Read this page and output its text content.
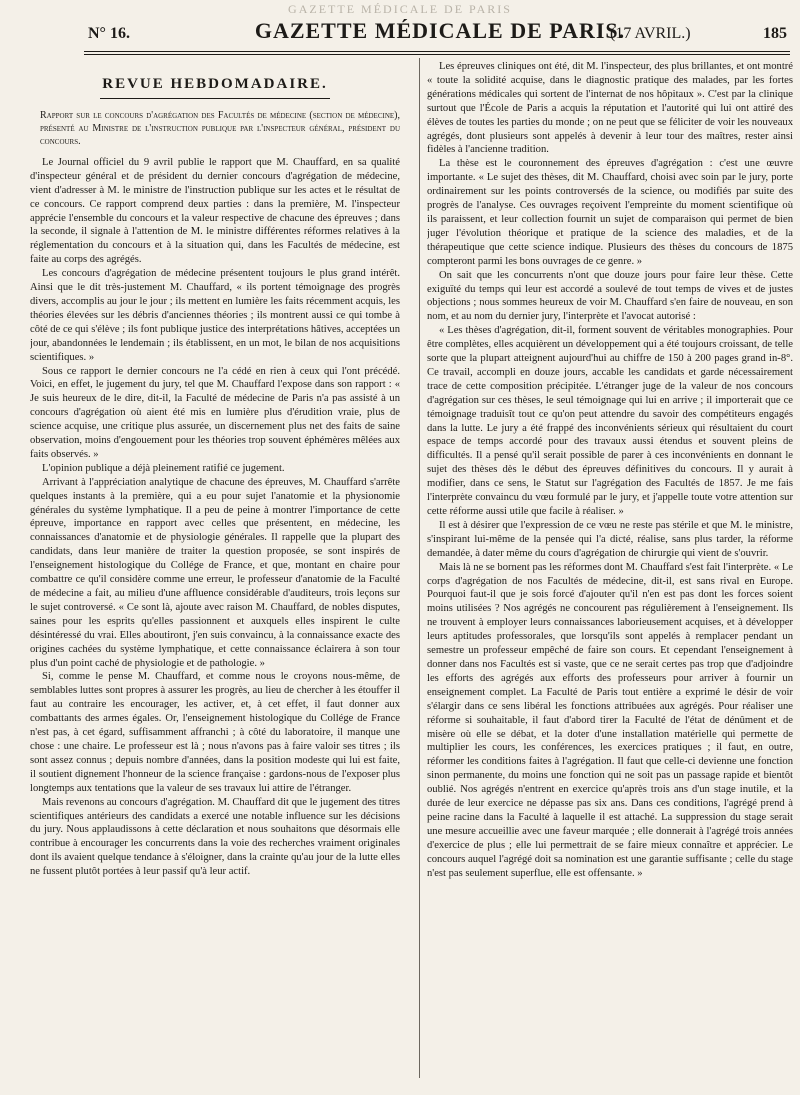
GAZETTE MÉDICALE DE PARIS
N° 16.	GAZETTE MÉDICALE DE PARIS.
(17 AVRIL.)	185
REVUE HEBDOMADAIRE.
Rapport sur le concours d'agrégation des Facultés de médecine (section de médecine), présenté au Ministre de l'instruction publique par l'inspecteur général, président du concours.

Le Journal officiel du 9 avril publie le rapport que M. Chauffard, en sa qualité d'inspecteur général et de président du dernier concours d'agrégation de médecine, vient d'adresser à M. le ministre de l'instruction publique sur les actes et le résultat de ce concours. Ce rapport comprend deux parties : dans la première, M. l'inspecteur apprécie l'ensemble du concours et la valeur respective de chacune des épreuves ; dans la seconde, il signale à l'attention de M. le ministre différentes réformes relatives à la réglementation du concours et à la situation qui, dans les Facultés de médecine, est faite au corps des agrégés.

Les concours d'agrégation de médecine présentent toujours le plus grand intérêt. Ainsi que le dit très-justement M. Chauffard, « ils portent témoignage des progrès divers, accomplis au jour le jour ; ils mettent en lumière les faits récemment acquis, les théories élevées sur les débris d'anciennes théories ; ils montrent aussi ce qui tombe à côté de ce qui s'élève ; ils font publique justice des interprétations hâtives, acceptées un jour, abandonnées le lendemain ; ils établissent, en un mot, le bilan de nos acquisitions scientifiques. »

Sous ce rapport le dernier concours ne l'a cédé en rien à ceux qui l'ont précédé. Voici, en effet, le jugement du jury, tel que M. Chauffard l'expose dans son rapport : « Je suis heureux de le dire, dit-il, la Faculté de médecine de Paris n'a pas assisté à un concours d'agrégation où aient été mis en lumière plus d'érudition vraie, plus de science acquise, une critique plus assurée, un discernement plus net des faits de saine observation, moins d'engouement pour les théories trop souvent éphémères mêlées aux faits observés. »

L'opinion publique a déjà pleinement ratifié ce jugement.

Arrivant à l'appréciation analytique de chacune des épreuves, M. Chauffard s'arrête quelques instants à la première, qui a eu pour sujet l'anatomie et la physionomie générales du système lymphatique. Il a peu de peine à montrer l'importance de cette épreuve, importance en rapport avec celles que présentent, en médecine, les connaissances d'anatomie et de physiologie générales. Il rappelle que la plupart des candidats, dans leur manière de traiter la question proposée, se sont inspirés de l'enseignement histologique du Collége de France, et que, montant en chaire pour combattre ce qu'il considère comme une erreur, le professeur d'anatomie de la Faculté de médecine a fait, au milieu d'une affluence considérable d'auditeurs, trois leçons sur le sujet controversé. « Ce sont là, ajoute avec raison M. Chauffard, de nobles disputes, saines pour les esprits qu'elles passionnent et auxquels elles inspirent le culte désintéressé du vrai. Elles aboutiront, j'en suis convaincu, à la connaissance exacte des origines cachées du système lymphatique, et cette connaissance éclairera à son tour plus d'un point caché de physiologie et de pathologie. »

Si, comme le pense M. Chauffard, et comme nous le croyons nous-même, de semblables luttes sont propres à assurer les progrès, au lieu de chercher à les étouffer il faut au contraire les encourager, les activer, et, à cet effet, il faut donner aux combattants des armes égales. Or, l'enseignement histologique du Collége de France n'est pas, à cet égard, suffisamment affranchi ; à côté du laboratoire, il manque une chose : une chaire. Le professeur est là ; nous n'avons pas à faire valoir ses titres ; ils sont assez connus ; depuis nombre d'années, dans la position modeste qui lui est faite, il soutient dignement l'honneur de la science française : gardons-nous de l'exposer plus longtemps aux tentations que la valeur de ses travaux lui attire de l'étranger.

Mais revenons au concours d'agrégation. M. Chauffard dit que le jugement des titres scientifiques antérieurs des candidats a exercé une notable influence sur les décisions du jury. Nous applaudissons à cette déclaration et nous souhaitons que désormais elle contribue à encourager les concurrents dans la voie des recherches vraiment originales dont ils avaient quelque tendance à s'éloigner, dans la crainte qu'au jour de la lutte elles ne fussent plutôt portées à leur passif qu'à leur actif.

Les épreuves cliniques ont été, dit M. l'inspecteur, des plus brillantes, et ont montré « toute la solidité acquise, dans le diagnostic pratique des malades, par les fortes générations médicales qui sortent de l'internat de nos hôpitaux ». C'est par la clinique surtout que l'École de Paris a acquis la réputation et l'autorité qui lui ont attiré des élèves de toutes les parties du monde ; on ne peut que se féliciter de voir les nouveaux agrégés, dont plusieurs sont appelés à devenir à leur tour des maîtres, rester ainsi fidèles à l'ancienne tradition.

La thèse est le couronnement des épreuves d'agrégation : c'est une œuvre importante. « Le sujet des thèses, dit M. Chauffard, choisi avec soin par le jury, porte ordinairement sur les points controversés de la science, ou modifiés par suite des progrès de l'analyse. Ces ouvrages reçoivent l'empreinte du moment scientifique où ils paraissent, et leur collection fournit un sujet de comparaison qui permet de bien juger l'évolution théorique et pratique de la science des maladies, et de la thérapeutique que cette science indique. Plusieurs des thèses du concours de 1875 compteront parmi les bons ouvrages de ce genre. »

On sait que les concurrents n'ont que douze jours pour faire leur thèse. Cette exiguïté du temps qui leur est accordé a soulevé de tout temps de vives et de justes objections ; nous sommes heureux de voir M. Chauffard s'en faire de nouveau, en son nom, et au nom du dernier jury, l'interprète et l'avocat autorisé :

« Les thèses d'agrégation, dit-il, forment souvent de véritables monographies. Pour être complètes, elles acquièrent un développement qui a été toujours croissant, de telle sorte que la plupart atteignent aujourd'hui au chiffre de 150 à 200 pages grand in-8°. Ce travail, accompli en douze jours, accable les candidats et garde nécessairement trace de cette composition précipitée. L'étranger juge de la valeur de nos concours d'agrégation sur ces thèses, le seul témoignage qui lui en arrive ; il importerait que ce témoignage traduisît tout ce qu'on peut attendre du savoir des compétiteurs engagés dans la lutte. Le jury a été frappé des inconvénients sérieux qui résultaient du court espace de temps accordé pour des travaux aussi étendus et souvent pleins de difficultés. Il a pensé qu'il serait possible de parer à ces inconvénients en donnant le sujet des thèses dès le début des épreuves définitives du concours. Il y aurait à modifier, dans ce sens, le Statut sur l'agrégation des Facultés de 1857. Je me fais l'interprète convaincu du vœu formulé par le jury, et j'appelle toute votre attention sur cette réforme aussi utile que facile à réaliser. »

Il est à désirer que l'expression de ce vœu ne reste pas stérile et que M. le ministre, s'inspirant lui-même de la pensée qui l'a dicté, réalise, sans plus tarder, la réforme demandée, à dater même du cours d'agrégation de chirurgie qui vient de s'ouvrir.

Mais là ne se bornent pas les réformes dont M. Chauffard s'est fait l'interprète. « Le corps d'agrégation de nos Facultés de médecine, dit-il, est sans rival en Europe. Pourquoi faut-il que je sois forcé d'ajouter qu'il n'en est pas dont les forces soient moins utilisées ? Nos agrégés ne concourent pas régulièrement à l'enseignement. Ils ne trouvent à employer leurs connaissances laborieusement acquises, et à développer leurs aptitudes professorales, que lorsqu'ils sont appelés à remplacer pendant un semestre un professeur empêché de faire son cours. Et cependant l'enseignement à donner dans nos Facultés est si vaste, que ce ne serait certes pas trop que d'adjoindre les efforts des agrégés aux efforts des professeurs pour arriver à fournir un enseignement complet. La Faculté de Paris tout entière a exprimé le désir de voir s'élargir dans ce sens libéral les fonctions attribuées aux agrégés. Pour réaliser une réforme si souhaitable, il faut d'abord tirer la Faculté de l'état de dénûment et de misère où elle se débat, et la doter d'une installation matérielle qui permette de multiplier les cours, les conférences, les exercices pratiques ; il faut, en outre, réformer les conditions faites à l'agrégation. Il faut que celle-ci devienne une fonction sinon permanente, du moins une fonction qui ne soit pas un passage rapide et bientôt oublié. Nos agrégés n'entrent en exercice qu'après trois ans d'un stage inutile, et la durée de leur exercice ne dépasse pas six ans. Dans ces conditions, l'agrégé prend à peine racine dans la Faculté à laquelle il est attaché. La suppression du stage serait une mesure accueillie avec une faveur marquée ; elle donnerait à l'agrégé trois années d'exercice de plus ; elle lui permettrait de se faire mieux connaître et apprécier. Le concours auquel l'agrégé doit sa nomination est une garantie suffisante ; celle du stage n'est pas seulement superflue, elle est offensante. »
